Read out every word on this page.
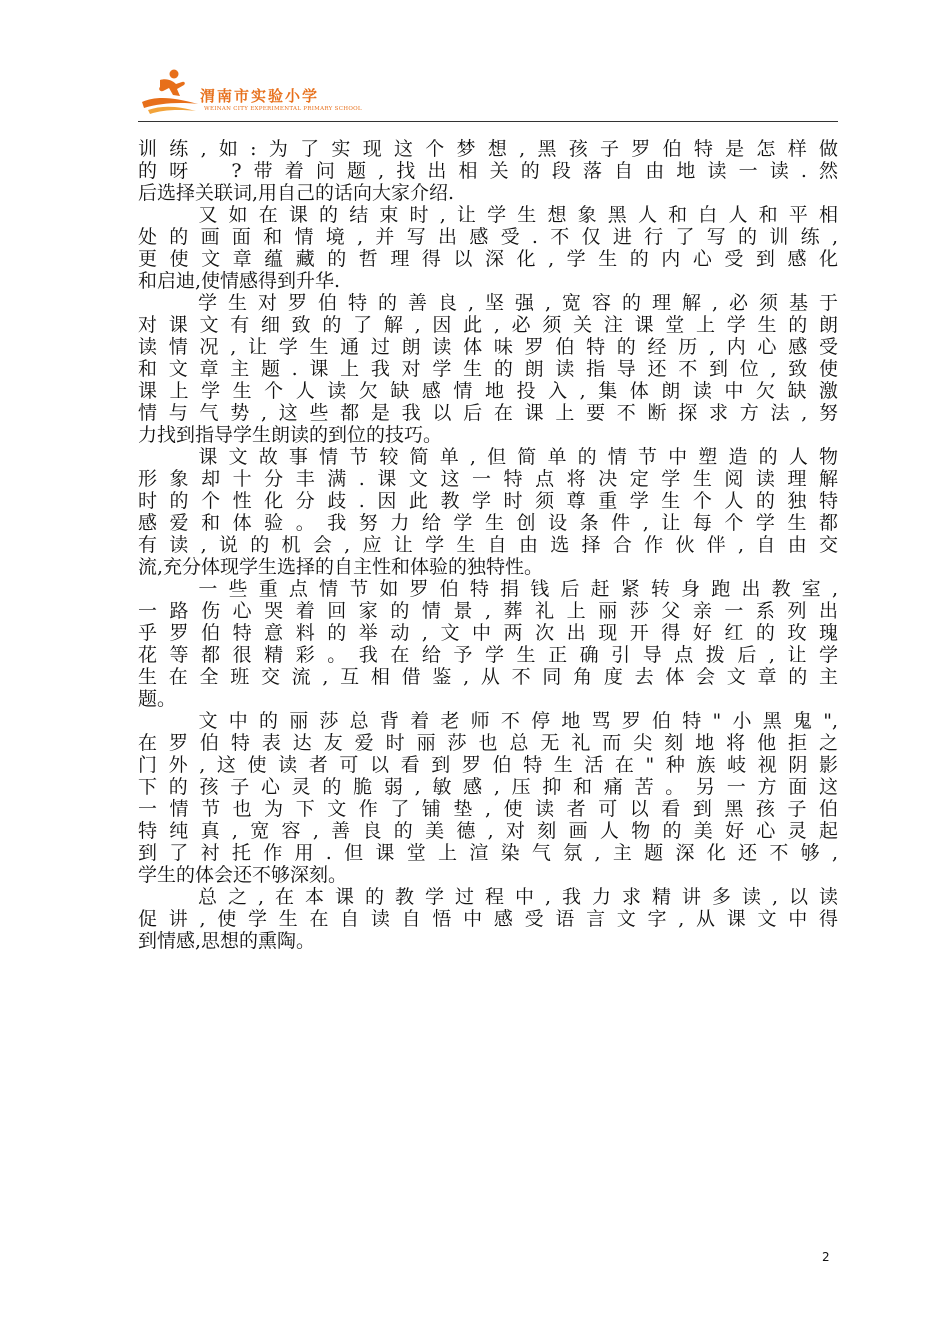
渭南市实验小学
WEINAN CITY EXPERIMENTAL PRIMARY SCHOOL
训练,如:为了实现这个梦想,黑孩子罗伯特是怎样做
的呀　?带着问题,找出相关的段落自由地读一读.然
后选择关联词,用自己的话向大家介绍.
　　又如在课的结束时,让学生想象黑人和白人和平相
处的画面和情境,并写出感受.不仅进行了写的训练,
更使文章蕴藏的哲理得以深化,学生的内心受到感化
和启迪,使情感得到升华.
　　学生对罗伯特的善良,坚强,宽容的理解,必须基于
对课文有细致的了解,因此,必须关注课堂上学生的朗
读情况,让学生通过朗读体味罗伯特的经历,内心感受
和文章主题.课上我对学生的朗读指导还不到位,致使
课上学生个人读欠缺感情地投入,集体朗读中欠缺激
情与气势,这些都是我以后在课上要不断探求方法,努
力找到指导学生朗读的到位的技巧。
　　课文故事情节较简单,但简单的情节中塑造的人物
形象却十分丰满.课文这一特点将决定学生阅读理解
时的个性化分歧.因此教学时须尊重学生个人的独特
感爱和体验。我努力给学生创设条件,让每个学生都
有读,说的机会,应让学生自由选择合作伙伴,自由交
流,充分体现学生选择的自主性和体验的独特性。
　　一些重点情节如罗伯特捐钱后赶紧转身跑出教室,
一路伤心哭着回家的情景,葬礼上丽莎父亲一系列出
乎罗伯特意料的举动,文中两次出现开得好红的玫瑰
花等都很精彩。我在给予学生正确引导点拨后,让学
生在全班交流,互相借鉴,从不同角度去体会文章的主
题。
　　文中的丽莎总背着老师不停地骂罗伯特"小黑鬼",
在罗伯特表达友爱时丽莎也总无礼而尖刻地将他拒之
门外,这使读者可以看到罗伯特生活在"种族岐视阴影
下的孩子心灵的脆弱,敏感,压抑和痛苦。另一方面这
一情节也为下文作了铺垫,使读者可以看到黑孩子伯
特纯真,宽容,善良的美德,对刻画人物的美好心灵起
到了衬托作用.但课堂上渲染气氛,主题深化还不够,
学生的体会还不够深刻。
　　总之,在本课的教学过程中,我力求精讲多读,以读
促讲,使学生在自读自悟中感受语言文字,从课文中得
到情感,思想的熏陶。
2
